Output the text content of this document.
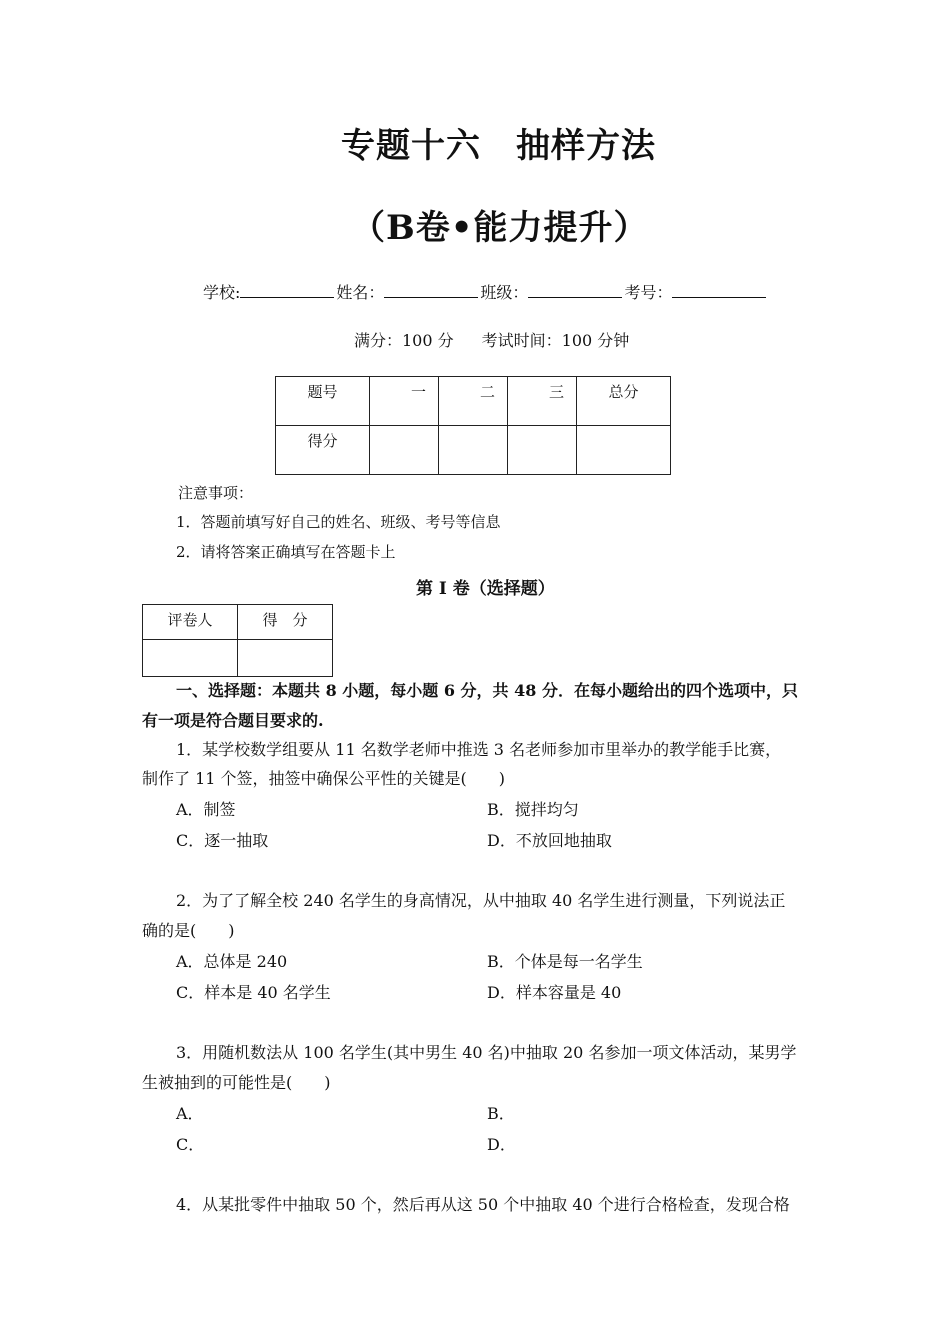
专题十六　抽样方法
（B卷•能力提升）
学校:	姓名：	班级：	考号：
满分：100 分 考试时间：100 分钟
题号	一	二	三	总分
得分				
注意事项：
1．答题前填写好自己的姓名、班级、考号等信息
2．请将答案正确填写在答题卡上
第 I 卷（选择题）
评卷人	得　分

一、选择题：本题共 8 小题，每小题 6 分，共 48 分．在每小题给出的四个选项中，只
有一项是符合题目要求的.
1．某学校数学组要从 11 名数学老师中推选 3 名老师参加市里举办的教学能手比赛，
制作了 11 个签，抽签中确保公平性的关键是(　　)
A．制签	B．搅拌均匀
C．逐一抽取	D．不放回地抽取
2．为了了解全校 240 名学生的身高情况，从中抽取 40 名学生进行测量，下列说法正
确的是(　　)
A．总体是 240	B．个体是每一名学生
C．样本是 40 名学生	D．样本容量是 40
3．用随机数法从 100 名学生(其中男生 40 名)中抽取 20 名参加一项文体活动，某男学
生被抽到的可能性是(　　)
A．	B．
C．	D．
4．从某批零件中抽取 50 个，然后再从这 50 个中抽取 40 个进行合格检查，发现合格
